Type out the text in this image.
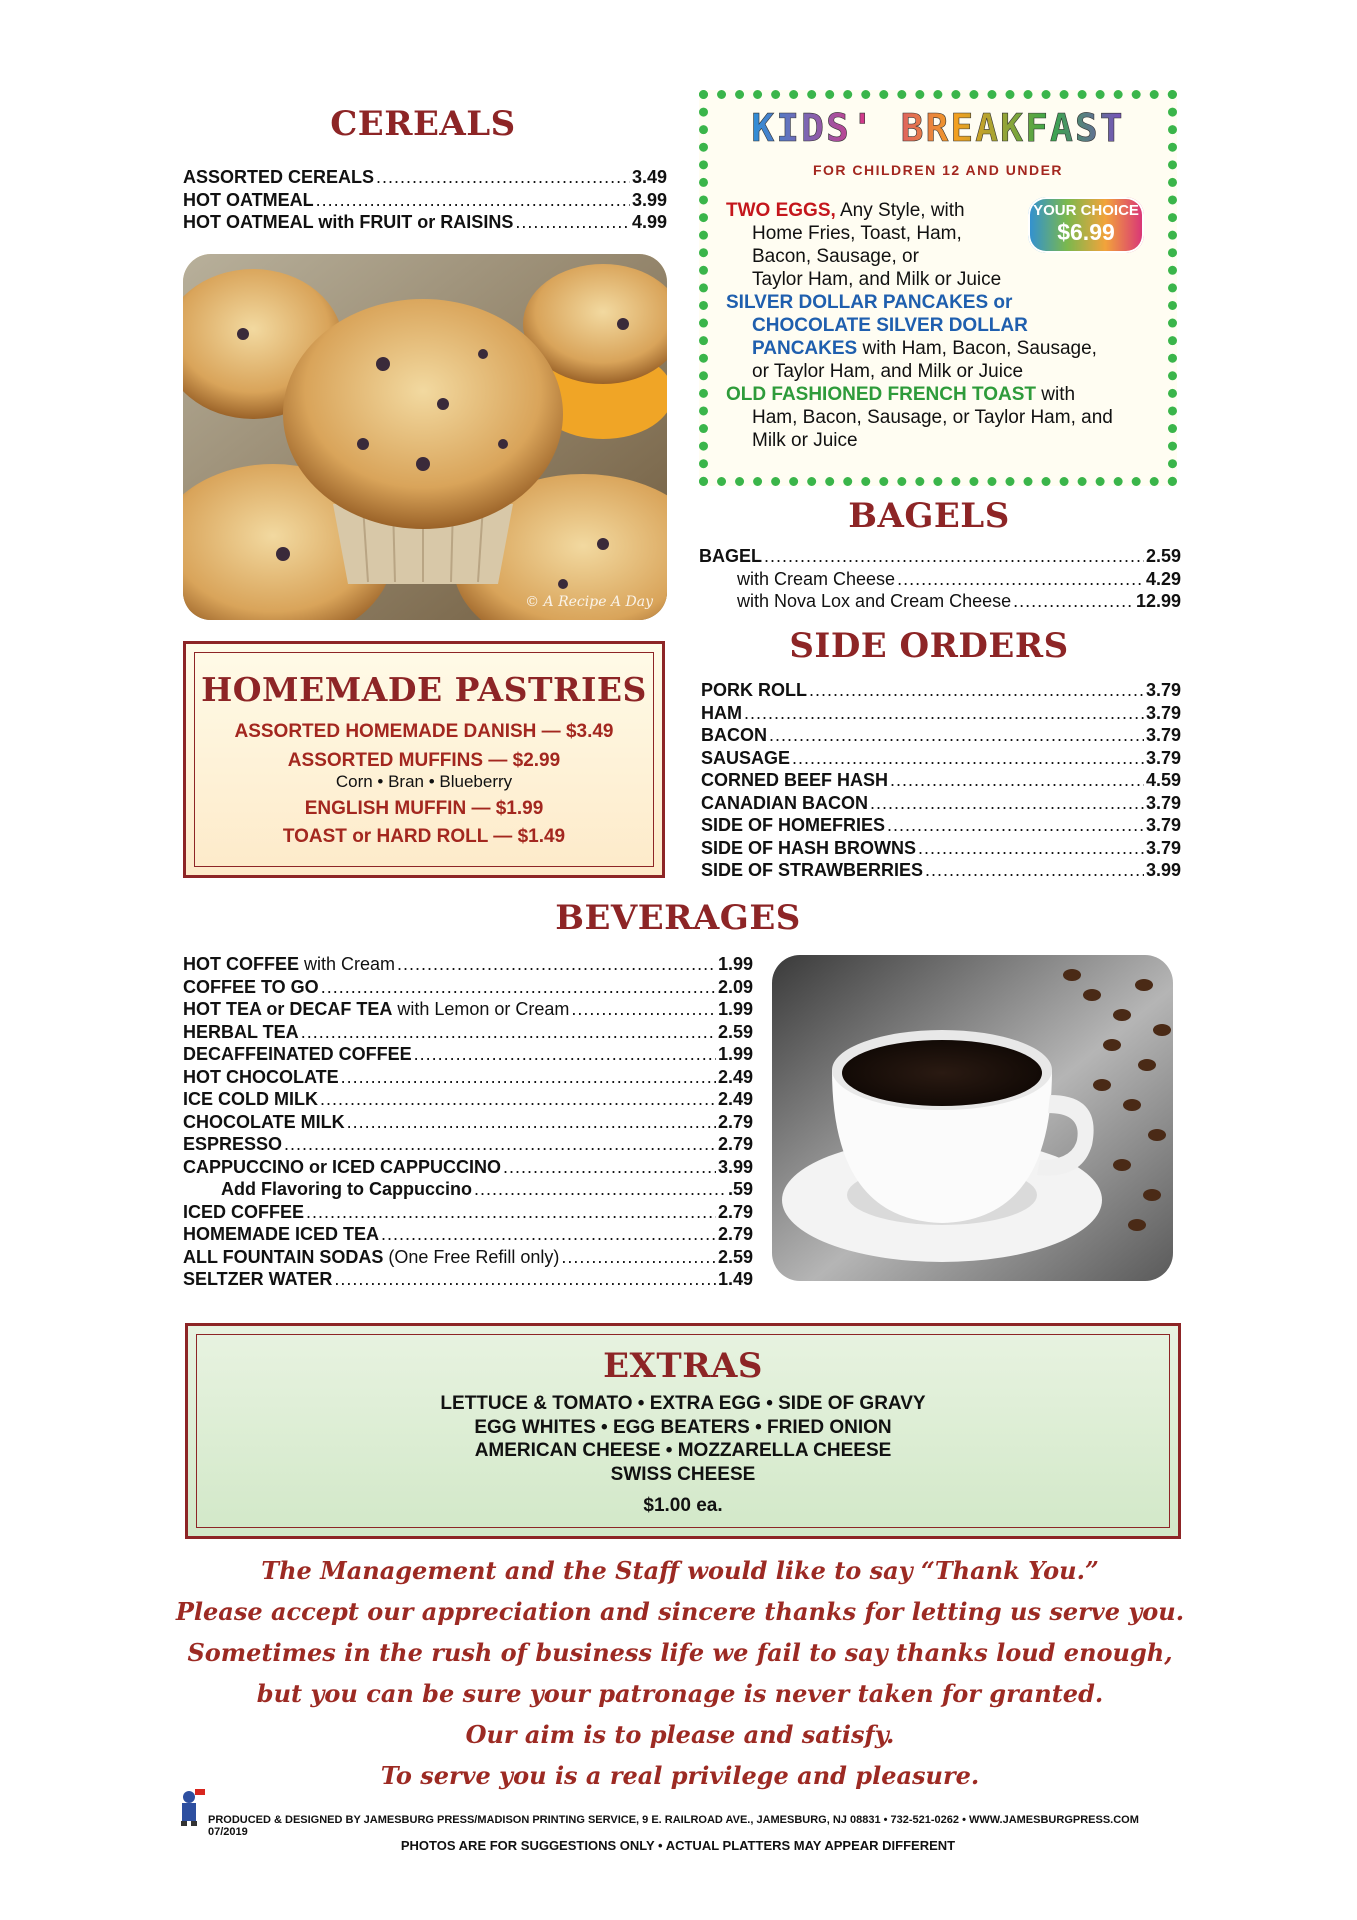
CEREALS
ASSORTED CEREALS .....	3.49
HOT OATMEAL .....	3.99
HOT OATMEAL with FRUIT or RAISINS .....	4.99
© A Recipe A Day
KIDS' BREAKFAST
FOR CHILDREN 12 AND UNDER
YOUR CHOICE
$6.99
TWO EGGS, Any Style, with
Home Fries, Toast, Ham,
Bacon, Sausage, or
Taylor Ham, and Milk or Juice
SILVER DOLLAR PANCAKES or
CHOCOLATE SILVER DOLLAR
PANCAKES with Ham, Bacon, Sausage,
or Taylor Ham, and Milk or Juice
OLD FASHIONED FRENCH TOAST with
Ham, Bacon, Sausage, or Taylor Ham, and
Milk or Juice
BAGELS
BAGEL .....	2.59
with Cream Cheese .....	4.29
with Nova Lox and Cream Cheese .....	12.99
SIDE ORDERS
PORK ROLL .....	3.79
HAM .....	3.79
BACON .....	3.79
SAUSAGE .....	3.79
CORNED BEEF HASH .....	4.59
CANADIAN BACON .....	3.79
SIDE OF HOMEFRIES .....	3.79
SIDE OF HASH BROWNS .....	3.79
SIDE OF STRAWBERRIES .....	3.99
HOMEMADE PASTRIES
ASSORTED HOMEMADE DANISH — $3.49
ASSORTED MUFFINS — $2.99
Corn • Bran • Blueberry
ENGLISH MUFFIN — $1.99
TOAST or HARD ROLL — $1.49
BEVERAGES
HOT COFFEE with Cream .....	1.99
COFFEE TO GO .....	2.09
HOT TEA or DECAF TEA with Lemon or Cream .....	1.99
HERBAL TEA .....	2.59
DECAFFEINATED COFFEE .....	1.99
HOT CHOCOLATE .....	2.49
ICE COLD MILK .....	2.49
CHOCOLATE MILK .....	2.79
ESPRESSO .....	2.79
CAPPUCCINO or ICED CAPPUCCINO .....	3.99
Add Flavoring to Cappuccino .....	.59
ICED COFFEE .....	2.79
HOMEMADE ICED TEA .....	2.79
ALL FOUNTAIN SODAS (One Free Refill only) .....	2.59
SELTZER WATER .....	1.49
EXTRAS
LETTUCE & TOMATO • EXTRA EGG • SIDE OF GRAVY
EGG WHITES • EGG BEATERS • FRIED ONION
AMERICAN CHEESE • MOZZARELLA CHEESE
SWISS CHEESE
$1.00 ea.
The Management and the Staff would like to say “Thank You.”
Please accept our appreciation and sincere thanks for letting us serve you.
Sometimes in the rush of business life we fail to say thanks loud enough,
but you can be sure your patronage is never taken for granted.
Our aim is to please and satisfy.
To serve you is a real privilege and pleasure.
PRODUCED & DESIGNED BY JAMESBURG PRESS/MADISON PRINTING SERVICE, 9 E. RAILROAD AVE., JAMESBURG, NJ 08831 • 732-521-0262 • WWW.JAMESBURGPRESS.COM 07/2019
PHOTOS ARE FOR SUGGESTIONS ONLY • ACTUAL PLATTERS MAY APPEAR DIFFERENT
